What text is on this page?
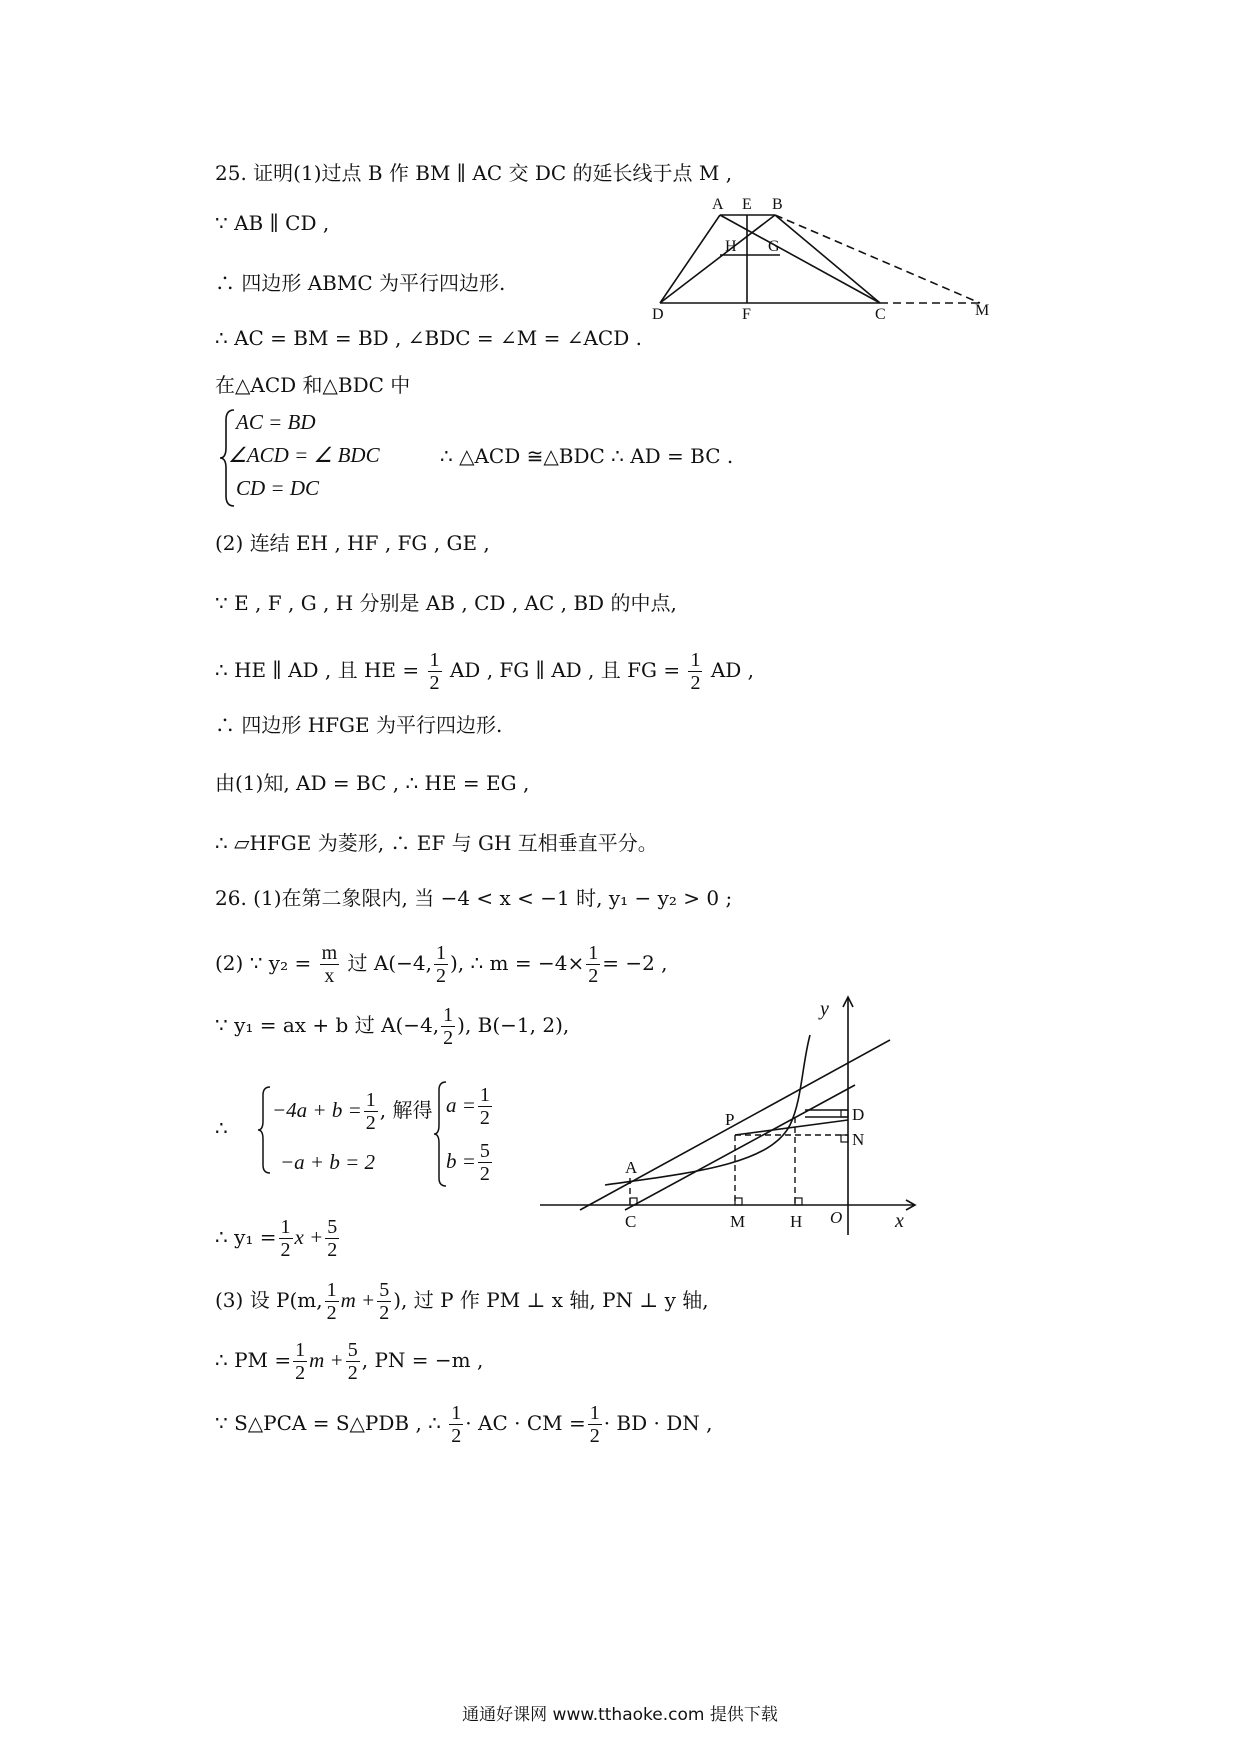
25. 证明(1)过点 B 作 BM ∥ AC 交 DC 的延长线于点 M ,
∵ AB ∥ CD ,
∴ 四边形 ABMC 为平行四边形.
∴ AC = BM = BD , ∠BDC = ∠M = ∠ACD .
在△ACD 和△BDC 中
AC = BD
∠ACD = ∠ BDC
CD = DC
∴ △ACD ≅△BDC ∴ AD = BC .
(2) 连结 EH , HF , FG , GE ,
∵ E , F , G , H 分别是 AB , CD , AC , BD 的中点,
∴ HE ∥ AD , 且 HE = $\frac{1}{2}$ AD , FG ∥ AD , 且 FG = $\frac{1}{2}$ AD ,
∴ 四边形 HFGE 为平行四边形.
由(1)知, AD = BC , ∴ HE = EG ,
∴ ▱HFGE 为菱形, ∴ EF 与 GH 互相垂直平分。
A E B
H G
D	F	C	M
26. (1)在第二象限内, 当 −4 < x < −1 时, y₁ − y₂ > 0 ;
(2) ∵ $y_2 = \frac{m}{x}$ 过 A(−4, $\frac{1}{2}$ ), ∴ $m = -4\times \frac{1}{2} = -2$ ,
∵ y₁ = ax + b 过 A(−4, $\frac{1}{2}$ ), B(−1, 2),
∴
$-4a + b = \frac{1}{2}$ , 解得
−a + b = 2
$a = \frac{1}{2}$
$b = \frac{5}{2}$
∴ $y_1 = \frac{1}{2}$ $x + \frac{5}{2}$
(3) 设 P(m, $\frac{1}{2}$ $m + \frac{5}{2}$ ), 过 P 作 PM ⊥ x 轴, PN ⊥ y 轴,
∴ PM = $\frac{1}{2}$ $m + \frac{5}{2}$ , PN = −m ,
∵ S△PCA = S△PDB , ∴ $\frac{1}{2}$ · AC · CM = $\frac{1}{2}$ · BD · DN ,
y
D
P
N
A
C	M	H O	x
通通好课网 www.tthaoke.com 提供下载
